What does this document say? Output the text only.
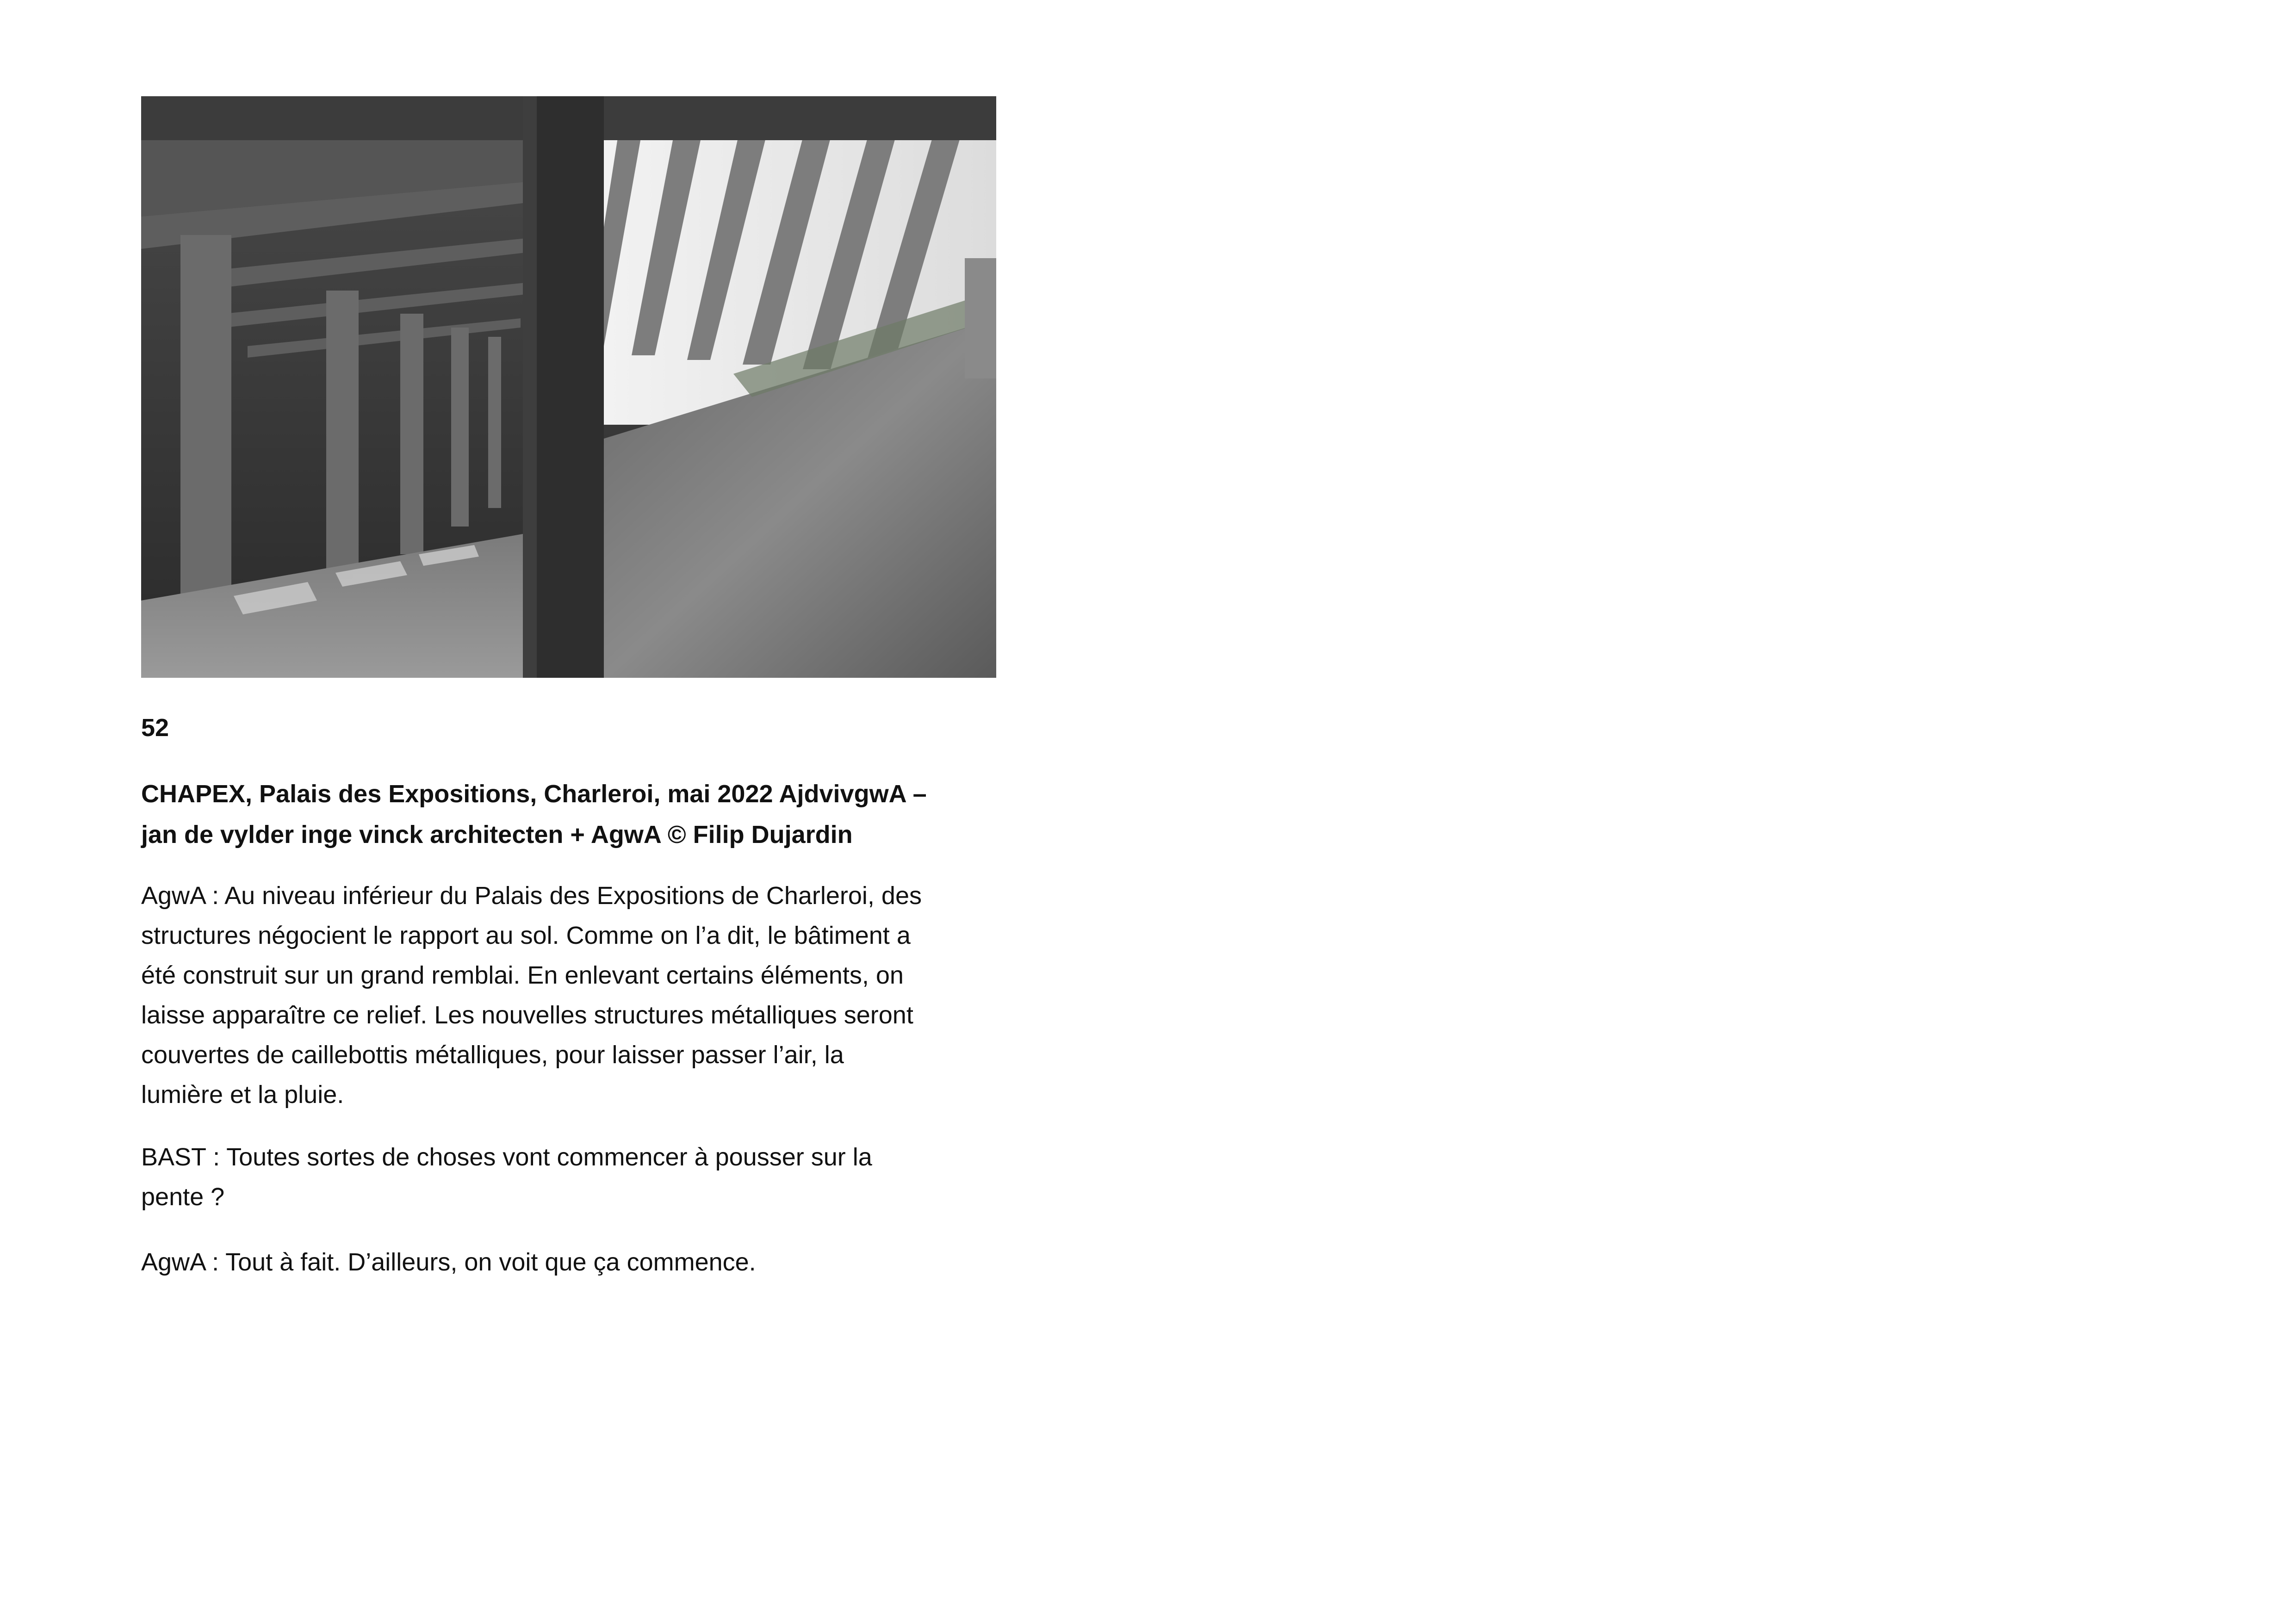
52

CHAPEX, Palais des Expositions, Charleroi, mai 2022 AjdvivgwA –
jan de vylder inge vinck architecten + AgwA © Filip Dujardin

AgwA : Au niveau inférieur du Palais des Expositions de Charleroi, des
structures négocient le rapport au sol. Comme on l’a dit, le bâtiment a
été construit sur un grand remblai. En enlevant certains éléments, on
laisse apparaître ce relief. Les nouvelles structures métalliques seront
couvertes de caillebottis métalliques, pour laisser passer l’air, la
lumière et la pluie.

BAST : Toutes sortes de choses vont commencer à pousser sur la
pente ?

AgwA : Tout à fait. D’ailleurs, on voit que ça commence.
